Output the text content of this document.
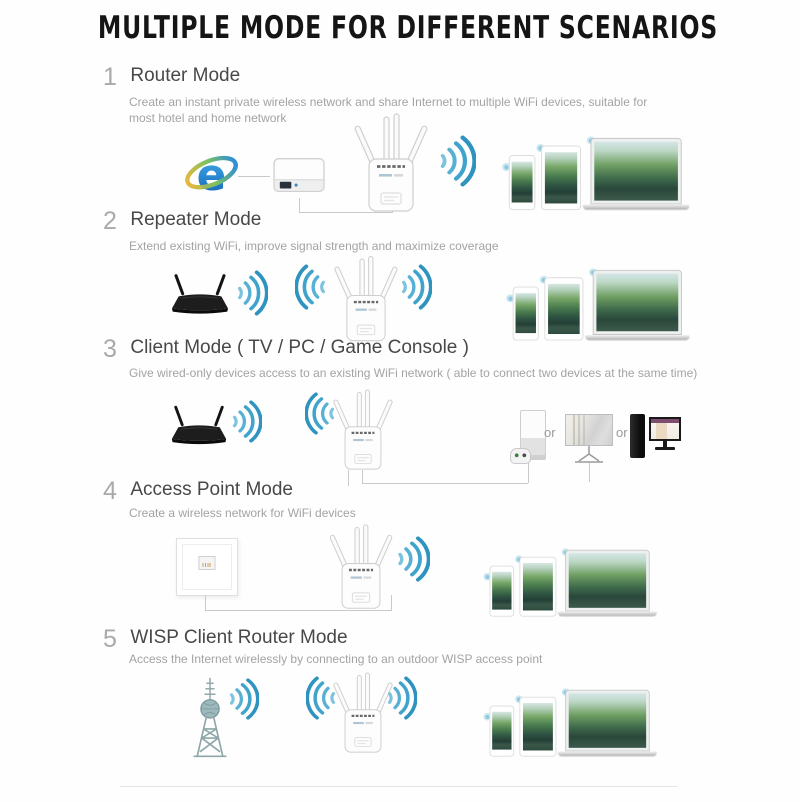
MULTIPLE MODE FOR DIFFERENT SCENARIOS
1 Router Mode
Create an instant private wireless network and share Internet to multiple WiFi devices, suitable for most hotel and home network
e
2 Repeater Mode
Extend existing WiFi, improve signal strength and maximize coverage
3 Client Mode ( TV / PC / Game Console )
Give wired-only devices access to an existing WiFi network ( able to connect two devices at the same time)
or	or
4 Access Point Mode
Create a wireless network for WiFi devices
5 WISP Client Router Mode
Access the Internet wirelessly by connecting to an outdoor WISP access point
